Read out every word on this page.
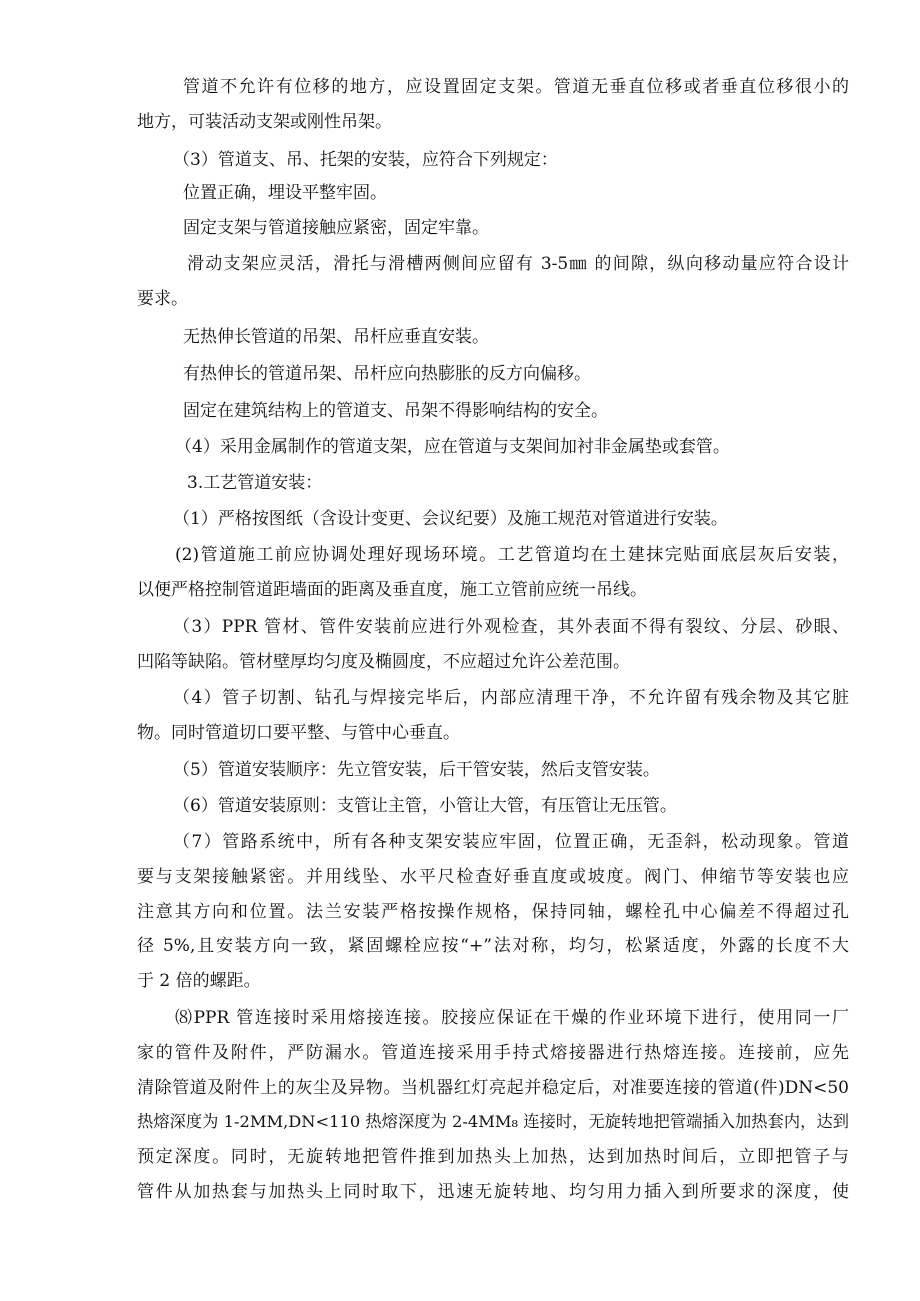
管道不允许有位移的地方，应设置固定支架。管道无垂直位移或者垂直位移很小的
地方，可装活动支架或刚性吊架。
（3）管道支、吊、托架的安装，应符合下列规定：
位置正确，埋设平整牢固。
固定支架与管道接触应紧密，固定牢靠。
滑动支架应灵活，滑托与滑槽两侧间应留有 3-5㎜ 的间隙，纵向移动量应符合设计
要求。
无热伸长管道的吊架、吊杆应垂直安装。
有热伸长的管道吊架、吊杆应向热膨胀的反方向偏移。
固定在建筑结构上的管道支、吊架不得影响结构的安全。
（4）采用金属制作的管道支架，应在管道与支架间加衬非金属垫或套管。
3.工艺管道安装：
（1）严格按图纸（含设计变更、会议纪要）及施工规范对管道进行安装。
(2)管道施工前应协调处理好现场环境。工艺管道均在土建抹完贴面底层灰后安装，
以便严格控制管道距墙面的距离及垂直度，施工立管前应统一吊线。
（3）PPR 管材、管件安装前应进行外观检查，其外表面不得有裂纹、分层、砂眼、
凹陷等缺陷。管材壁厚均匀度及椭圆度，不应超过允许公差范围。
（4）管子切割、钻孔与焊接完毕后，内部应清理干净，不允许留有残余物及其它脏
物。同时管道切口要平整、与管中心垂直。
（5）管道安装顺序：先立管安装，后干管安装，然后支管安装。
（6）管道安装原则：支管让主管，小管让大管，有压管让无压管。
（7）管路系统中，所有各种支架安装应牢固，位置正确，无歪斜，松动现象。管道
要与支架接触紧密。并用线坠、水平尺检查好垂直度或坡度。阀门、伸缩节等安装也应
注意其方向和位置。法兰安装严格按操作规格，保持同轴，螺栓孔中心偏差不得超过孔
径 5%,且安装方向一致，紧固螺栓应按“+”法对称，均匀，松紧适度，外露的长度不大
于 2 倍的螺距。
⑻PPR 管连接时采用熔接连接。胶接应保证在干燥的作业环境下进行，使用同一厂
家的管件及附件，严防漏水。管道连接采用手持式熔接器进行热熔连接。连接前，应先
清除管道及附件上的灰尘及异物。当机器红灯亮起并稳定后，对准要连接的管道(件)DN<50
热熔深度为 1-2MM,DN<110 热熔深度为 2-4MM₈ 连接时，无旋转地把管端插入加热套内，达到
预定深度。同时，无旋转地把管件推到加热头上加热，达到加热时间后，立即把管子与
管件从加热套与加热头上同时取下，迅速无旋转地、均匀用力插入到所要求的深度，使
